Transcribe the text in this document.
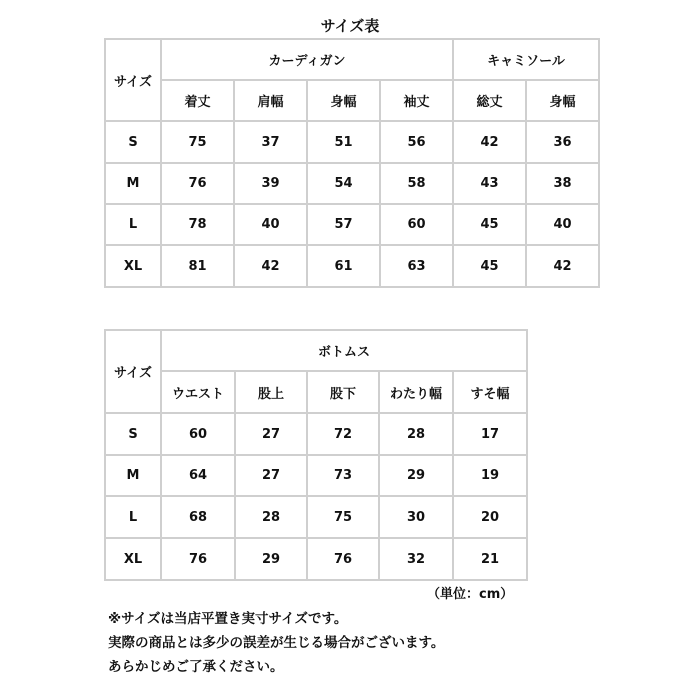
サイズ表
サイズ	カーディガン				キャミソール	
	着丈	肩幅	身幅	袖丈	総丈	身幅
S	75	37	51	56	42	36
M	76	39	54	58	43	38
L	78	40	57	60	45	40
XL	81	42	61	63	45	42
サイズ	ボトムス				
	ウエスト	股上	股下	わたり幅	すそ幅
S	60	27	72	28	17
M	64	27	73	29	19
L	68	28	75	30	20
XL	76	29	76	32	21
（単位：cm）
※サイズは当店平置き実寸サイズです。
実際の商品とは多少の誤差が生じる場合がございます。
あらかじめご了承ください。
